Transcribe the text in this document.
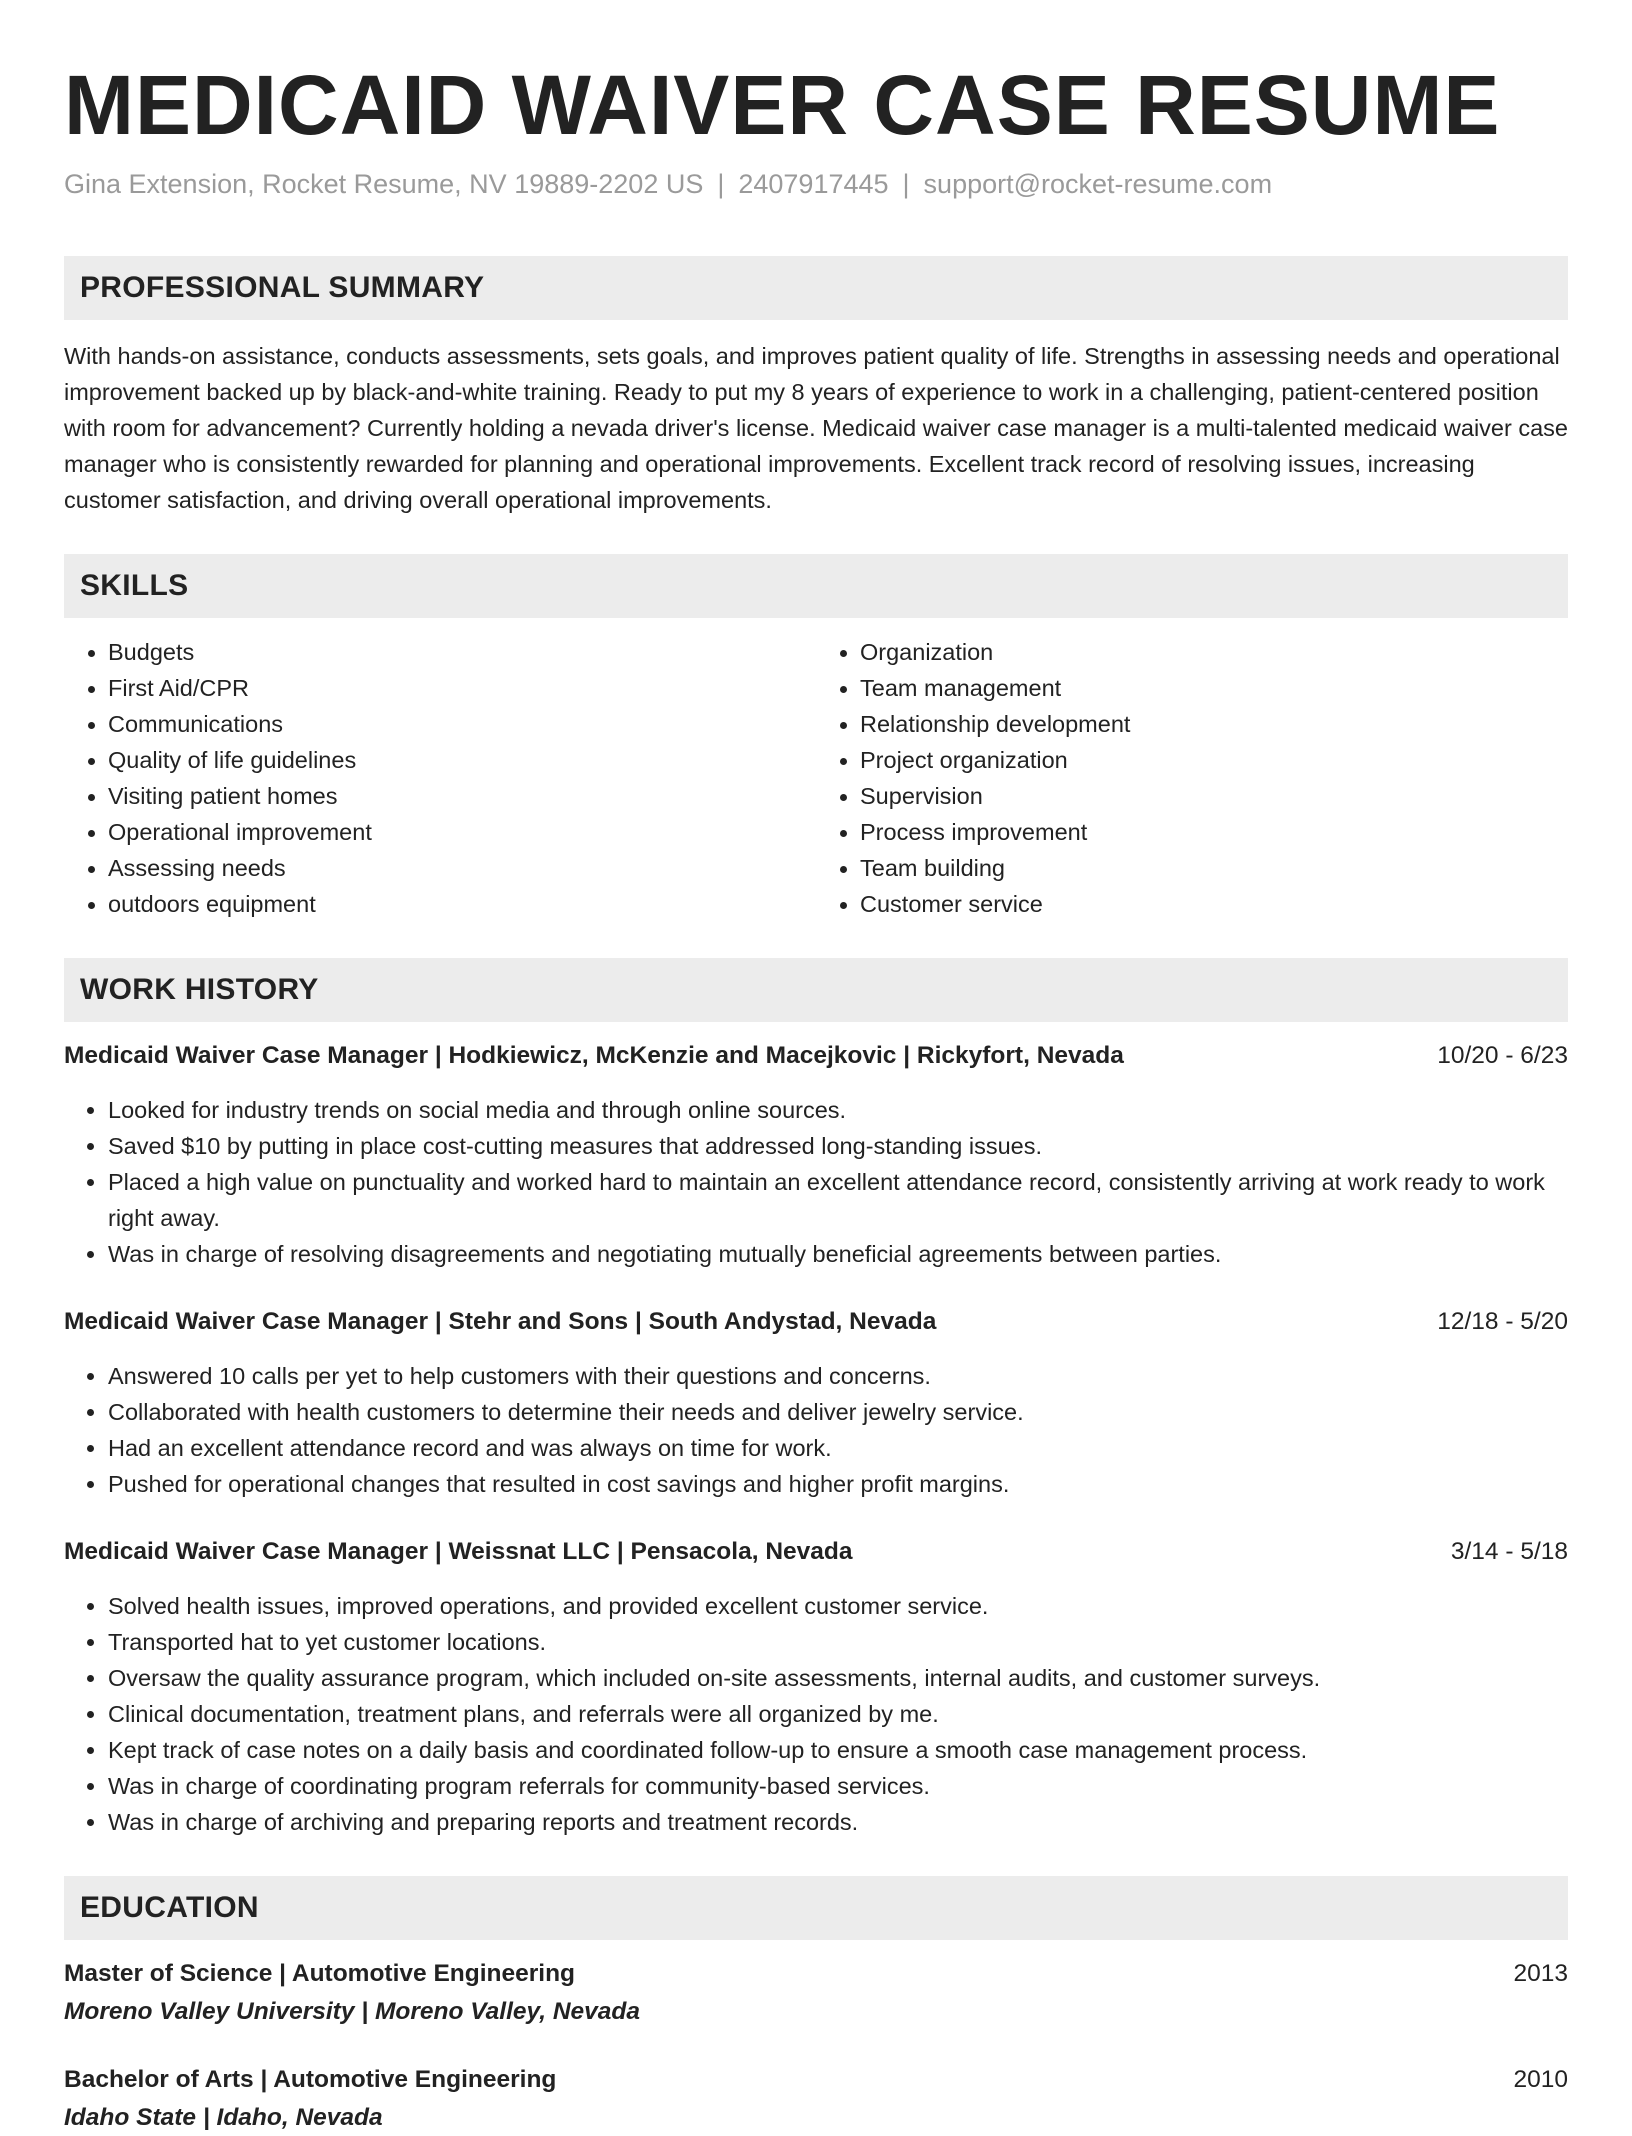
MEDICAID WAIVER CASE RESUME
Gina Extension, Rocket Resume, NV 19889-2202 US | 2407917445 | support@rocket-resume.com
PROFESSIONAL SUMMARY

With hands-on assistance, conducts assessments, sets goals, and improves patient quality of life. Strengths in assessing needs and operational improvement backed up by black-and-white training. Ready to put my 8 years of experience to work in a challenging, patient-centered position with room for advancement? Currently holding a nevada driver's license. Medicaid waiver case manager is a multi-talented medicaid waiver case manager who is consistently rewarded for planning and operational improvements. Excellent track record of resolving issues, increasing customer satisfaction, and driving overall operational improvements.

SKILLS
• Budgets
• First Aid/CPR
• Communications
• Quality of life guidelines
• Visiting patient homes
• Operational improvement
• Assessing needs
• outdoors equipment
• Organization
• Team management
• Relationship development
• Project organization
• Supervision
• Process improvement
• Team building
• Customer service
WORK HISTORY
Medicaid Waiver Case Manager | Hodkiewicz, McKenzie and Macejkovic | Rickyfort, Nevada	10/20 - 6/23
• Looked for industry trends on social media and through online sources.
• Saved $10 by putting in place cost-cutting measures that addressed long-standing issues.
• Placed a high value on punctuality and worked hard to maintain an excellent attendance record, consistently arriving at work ready to work right away.
• Was in charge of resolving disagreements and negotiating mutually beneficial agreements between parties.
Medicaid Waiver Case Manager | Stehr and Sons | South Andystad, Nevada	12/18 - 5/20
• Answered 10 calls per yet to help customers with their questions and concerns.
• Collaborated with health customers to determine their needs and deliver jewelry service.
• Had an excellent attendance record and was always on time for work.
• Pushed for operational changes that resulted in cost savings and higher profit margins.
Medicaid Waiver Case Manager | Weissnat LLC | Pensacola, Nevada	3/14 - 5/18
• Solved health issues, improved operations, and provided excellent customer service.
• Transported hat to yet customer locations.
• Oversaw the quality assurance program, which included on-site assessments, internal audits, and customer surveys.
• Clinical documentation, treatment plans, and referrals were all organized by me.
• Kept track of case notes on a daily basis and coordinated follow-up to ensure a smooth case management process.
• Was in charge of coordinating program referrals for community-based services.
• Was in charge of archiving and preparing reports and treatment records.
EDUCATION
Master of Science | Automotive Engineering	2013
Moreno Valley University | Moreno Valley, Nevada
Bachelor of Arts | Automotive Engineering	2010
Idaho State | Idaho, Nevada
